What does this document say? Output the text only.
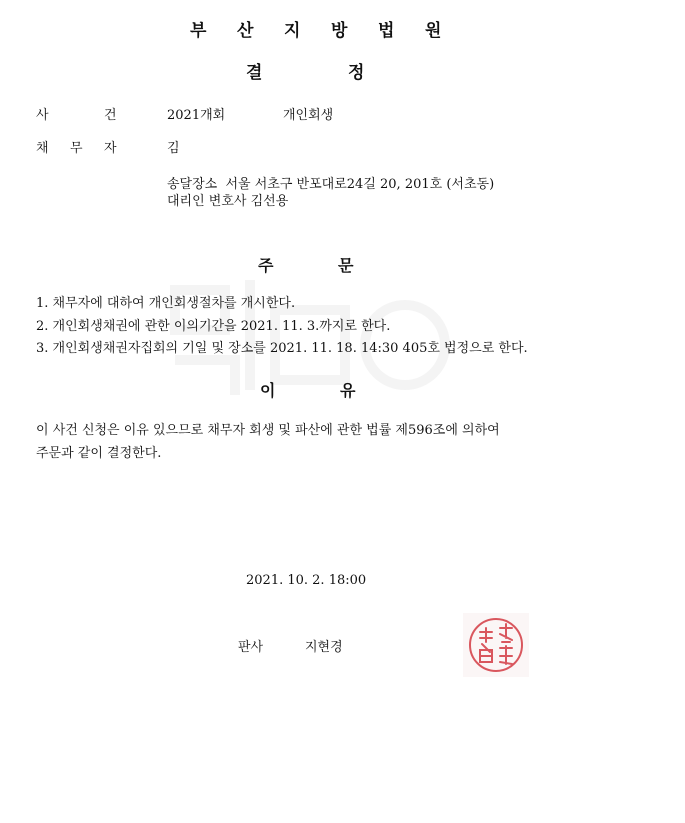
부 산 지 방 법 원
결	정
사	건	2021개회	개인회생
채 무 자	김
송달장소  서울 서초구 반포대로24길 20, 201호 (서초동)
대리인 변호사 김선용
주	문
1. 채무자에 대하여 개인회생절차를 개시한다.
2. 개인회생채권에 관한 이의기간을 2021. 11. 3.까지로 한다.
3. 개인회생채권자집회의 기일 및 장소를 2021. 11. 18. 14:30 405호 법정으로 한다.
이	유
이 사건 신청은 이유 있으므로 채무자 회생 및 파산에 관한 법률 제596조에 의하여
주문과 같이 결정한다.
2021. 10. 2. 18:00
판사	지현경
